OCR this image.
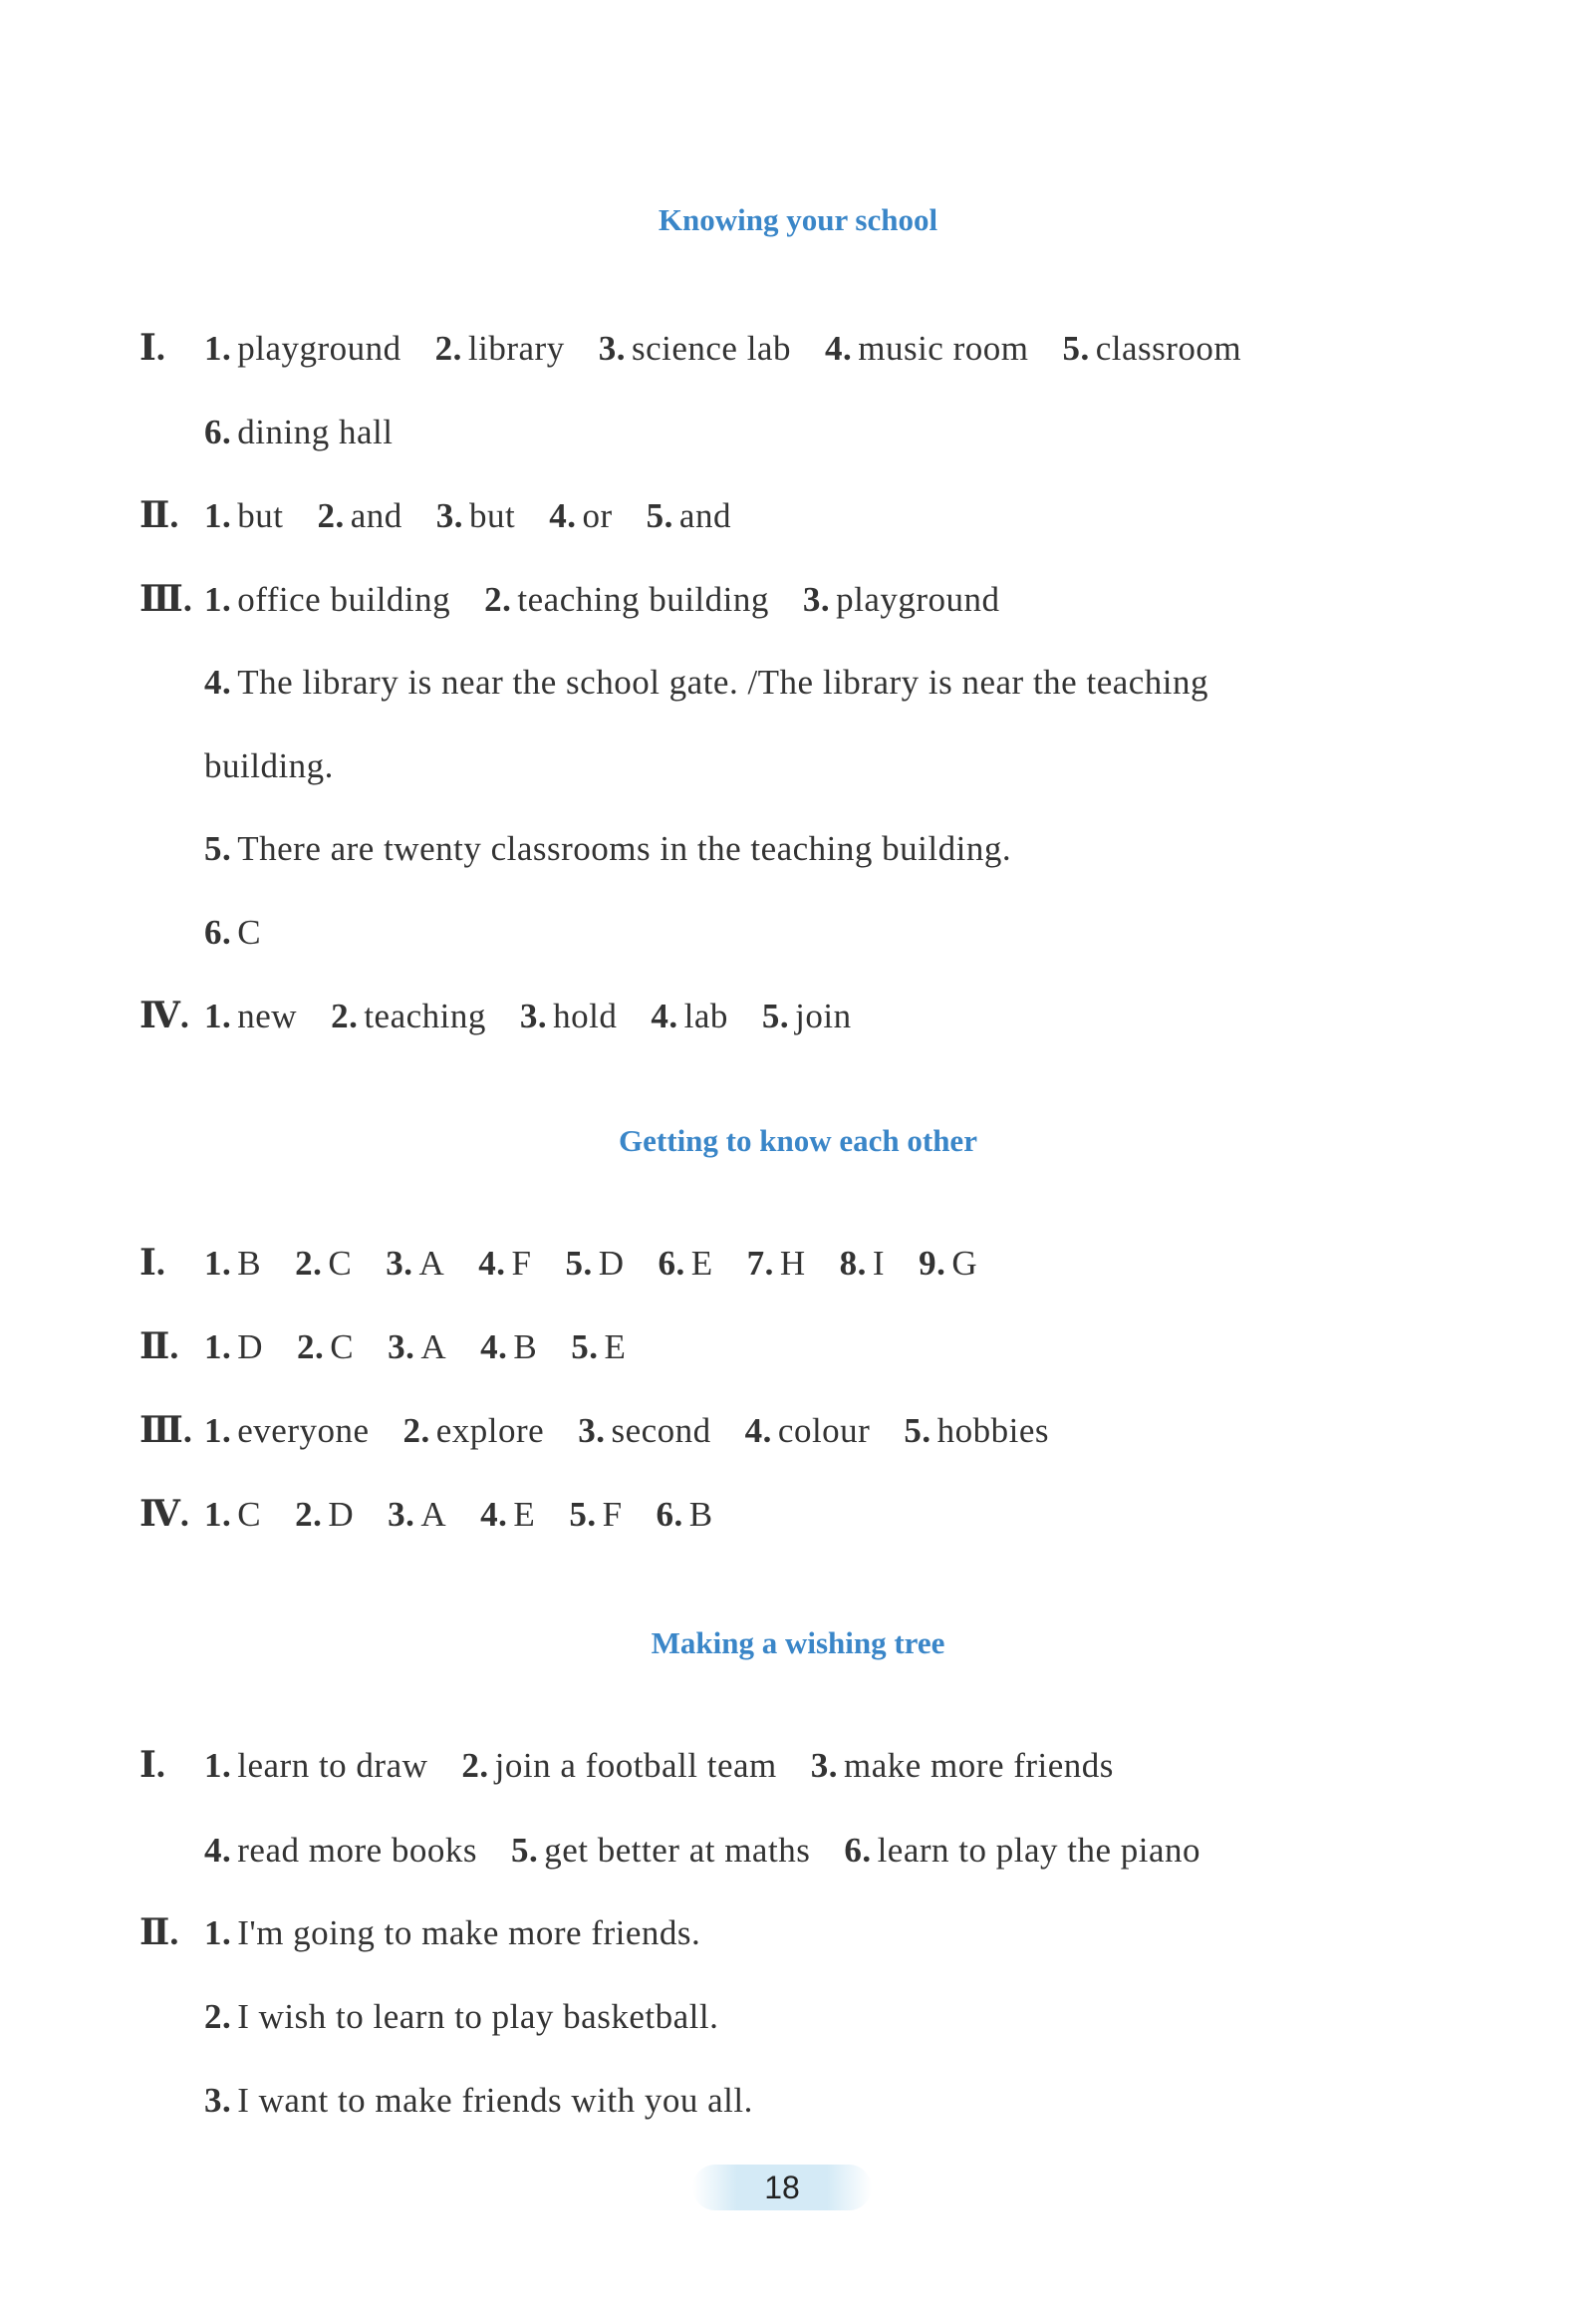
Knowing your school
Ⅰ. 1. playground 2. library 3. science lab 4. music room 5. classroom
6. dining hall
Ⅱ. 1. but 2. and 3. but 4. or 5. and
Ⅲ. 1. office building 2. teaching building 3. playground
4. The library is near the school gate. /The library is near the teaching
building.
5. There are twenty classrooms in the teaching building.
6. C
Ⅳ. 1. new 2. teaching 3. hold 4. lab 5. join
Getting to know each other
Ⅰ. 1. B 2. C 3. A 4. F 5. D 6. E 7. H 8. I 9. G
Ⅱ. 1. D 2. C 3. A 4. B 5. E
Ⅲ. 1. everyone 2. explore 3. second 4. colour 5. hobbies
Ⅳ. 1. C 2. D 3. A 4. E 5. F 6. B
Making a wishing tree
Ⅰ. 1. learn to draw 2. join a football team 3. make more friends
4. read more books 5. get better at maths 6. learn to play the piano
Ⅱ. 1. I'm going to make more friends.
2. I wish to learn to play basketball.
3. I want to make friends with you all.
18
